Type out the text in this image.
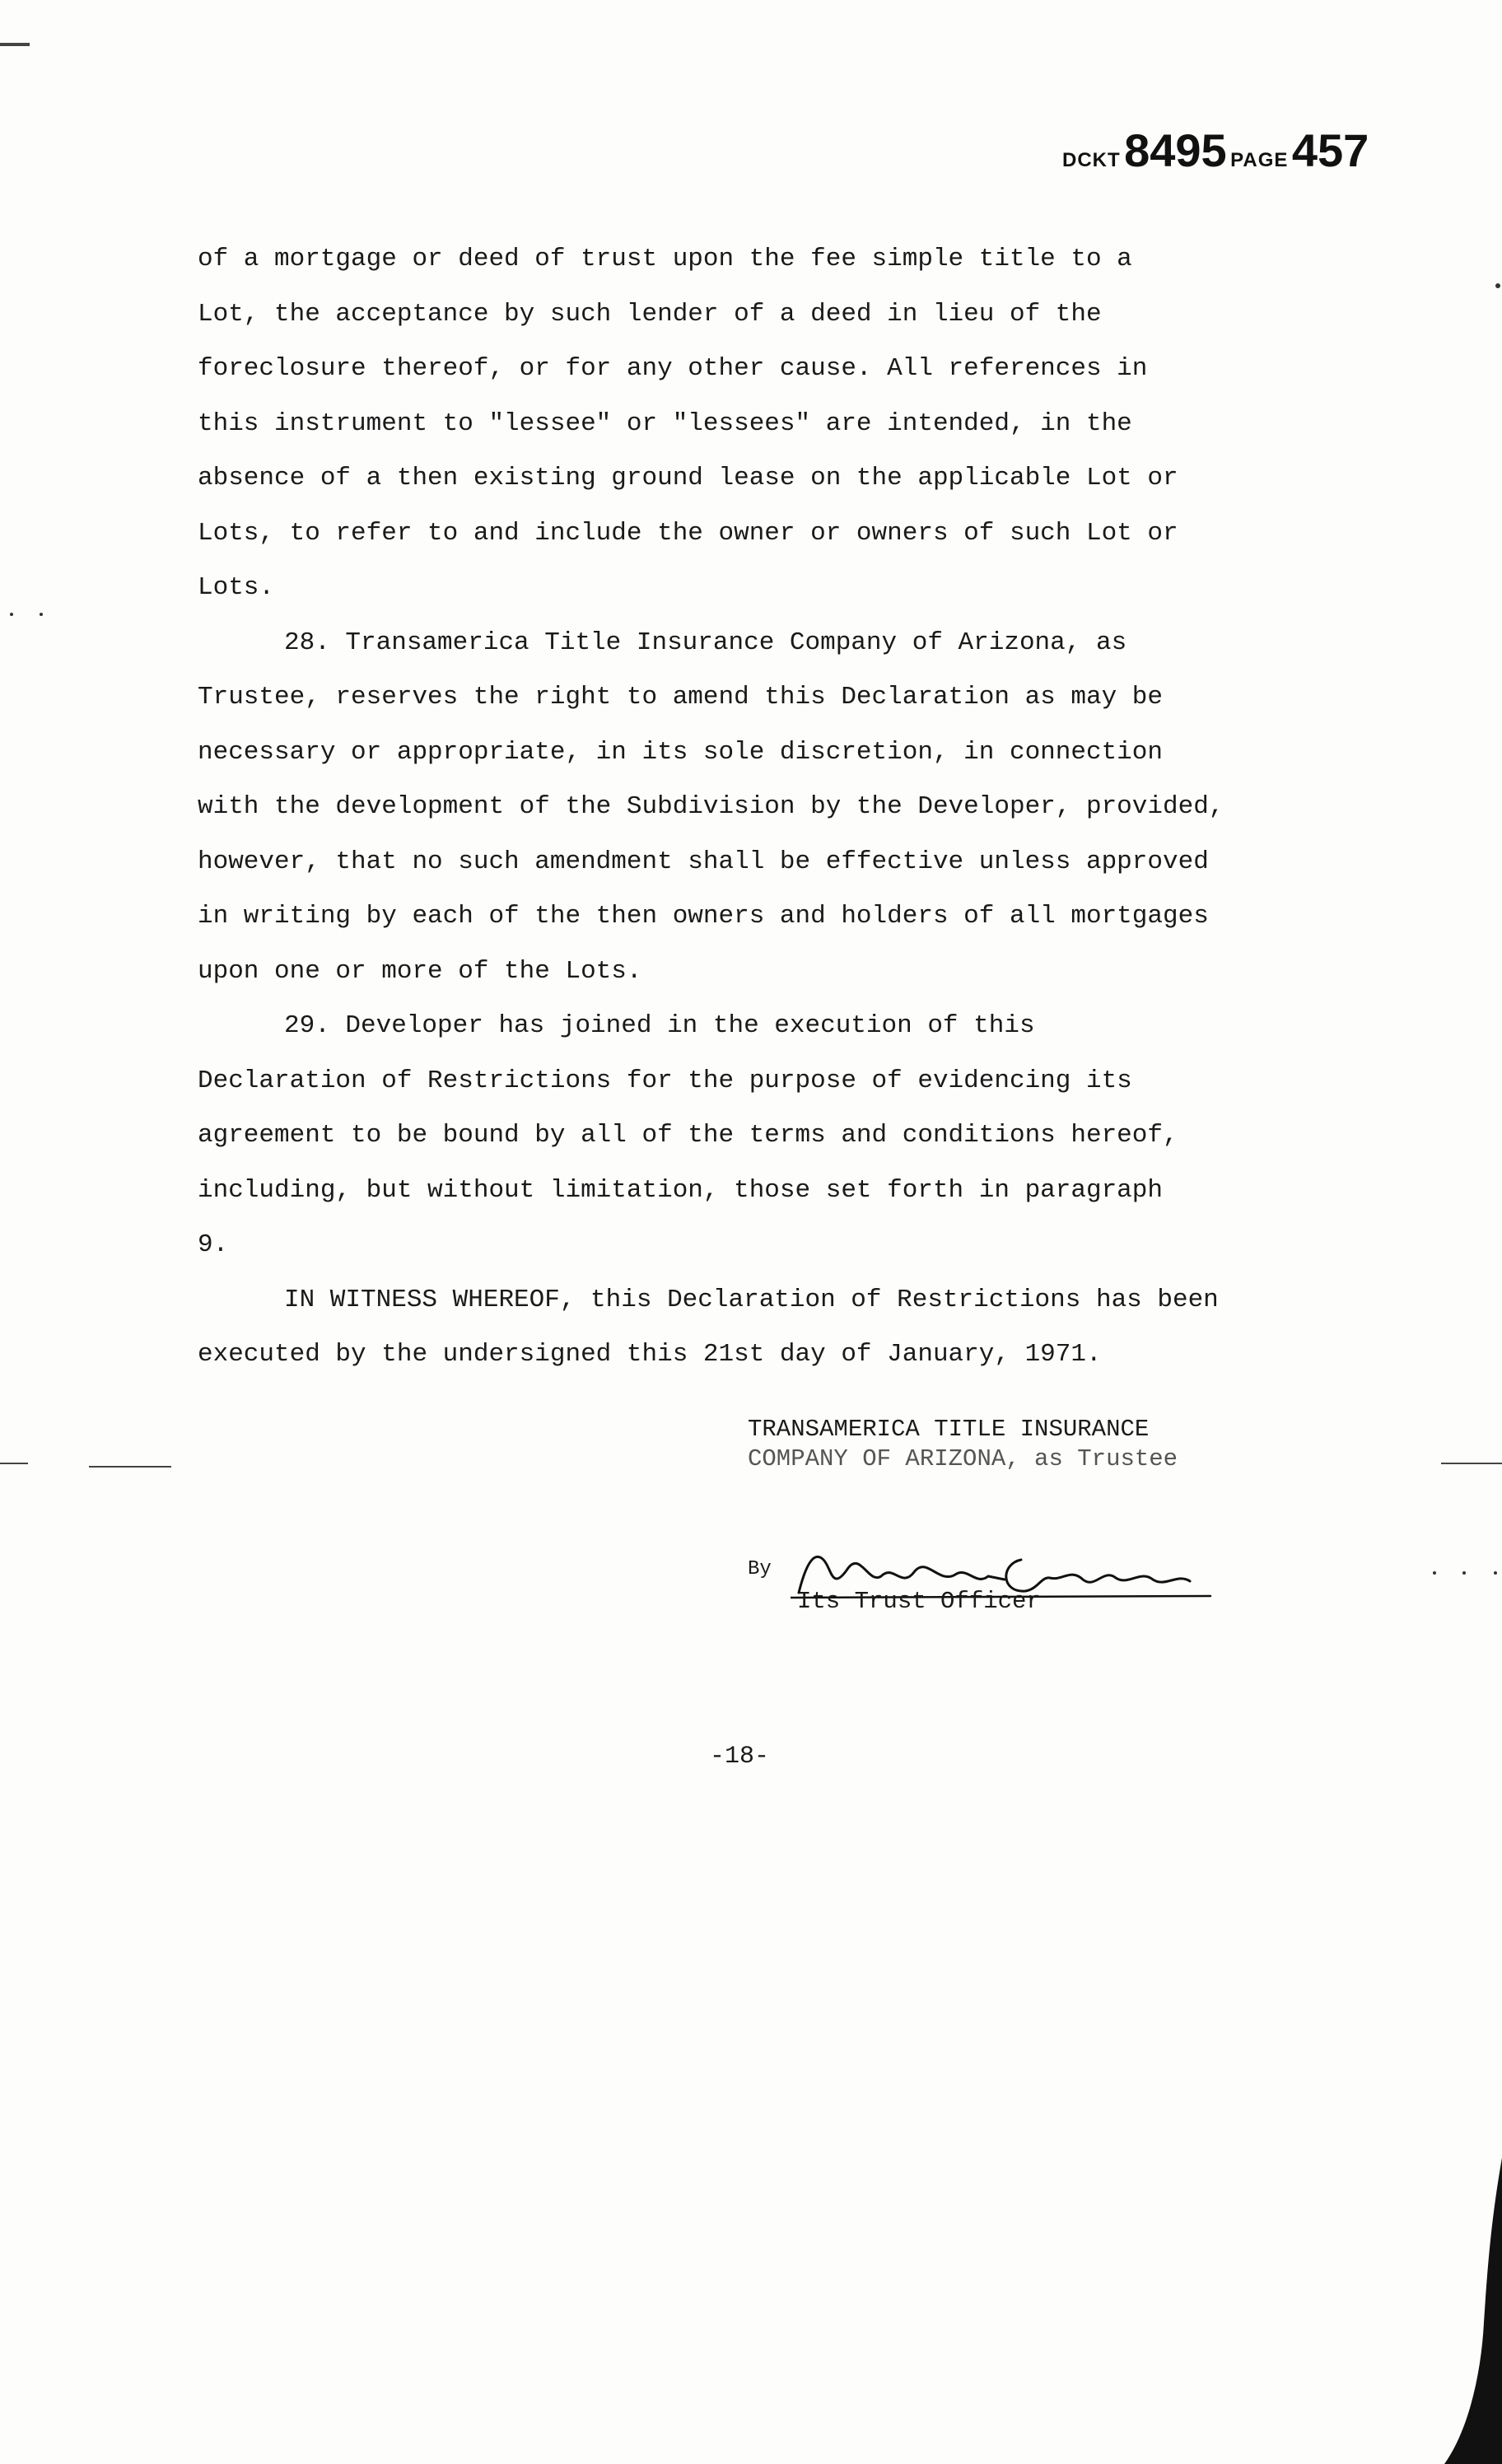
DCKT 8495 PAGE 457
of a mortgage or deed of trust upon the fee simple title to a
Lot, the acceptance by such lender of a deed in lieu of the
foreclosure thereof, or for any other cause. All references in
this instrument to "lessee" or "lessees" are intended, in the
absence of a then existing ground lease on the applicable Lot or
Lots, to refer to and include the owner or owners of such Lot or
Lots.
28. Transamerica Title Insurance Company of Arizona, as
Trustee, reserves the right to amend this Declaration as may be
necessary or appropriate, in its sole discretion, in connection
with the development of the Subdivision by the Developer, provided,
however, that no such amendment shall be effective unless approved
in writing by each of the then owners and holders of all mortgages
upon one or more of the Lots.
29. Developer has joined in the execution of this
Declaration of Restrictions for the purpose of evidencing its
agreement to be bound by all of the terms and conditions hereof,
including, but without limitation, those set forth in paragraph
9.
IN WITNESS WHEREOF, this Declaration of Restrictions has been
executed by the undersigned this 21st day of January, 1971.
TRANSAMERICA TITLE INSURANCE
COMPANY OF ARIZONA, as Trustee
By
Its Trust Officer
-18-
